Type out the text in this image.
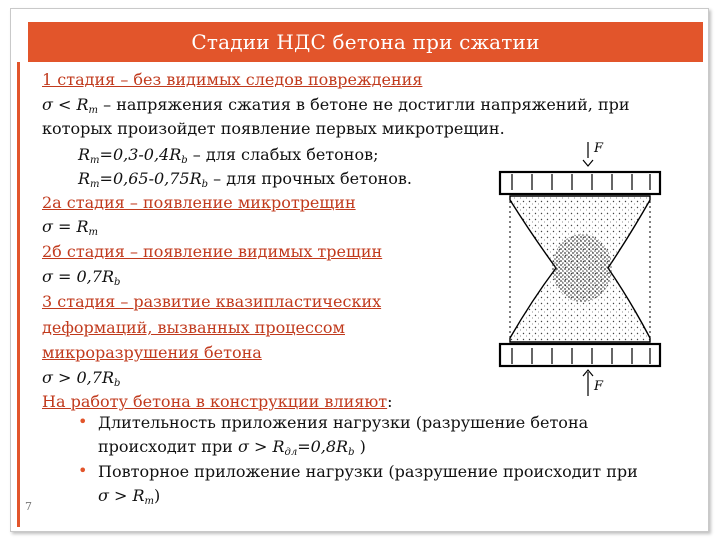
Стадии НДС бетона при сжатии
1 стадия – без видимых следов повреждения
$\sigma < R_m$ – напряжения сжатия в бетоне не достигли напряжений, при
которых произойдет появление первых микротрещин.
$R_m=0,3-0,4R_b$ – для слабых бетонов;
$R_m=0,65-0,75R_b$ – для прочных бетонов.
2а стадия – появление микротрещин
$\sigma = R_m$
2б стадия – появление видимых трещин
$\sigma = 0,7R_b$
3 стадия – развитие квазипластических
деформаций, вызванных процессом
микроразрушения бетона
$\sigma > 0,7R_b$
На работу бетона в конструкции влияют:
• Длительность приложения нагрузки (разрушение бетона
происходит при $\sigma > R_{дл}=0,8R_b$ )
• Повторное приложение нагрузки (разрушение происходит при
$\sigma > R_m$)
7
F
F
